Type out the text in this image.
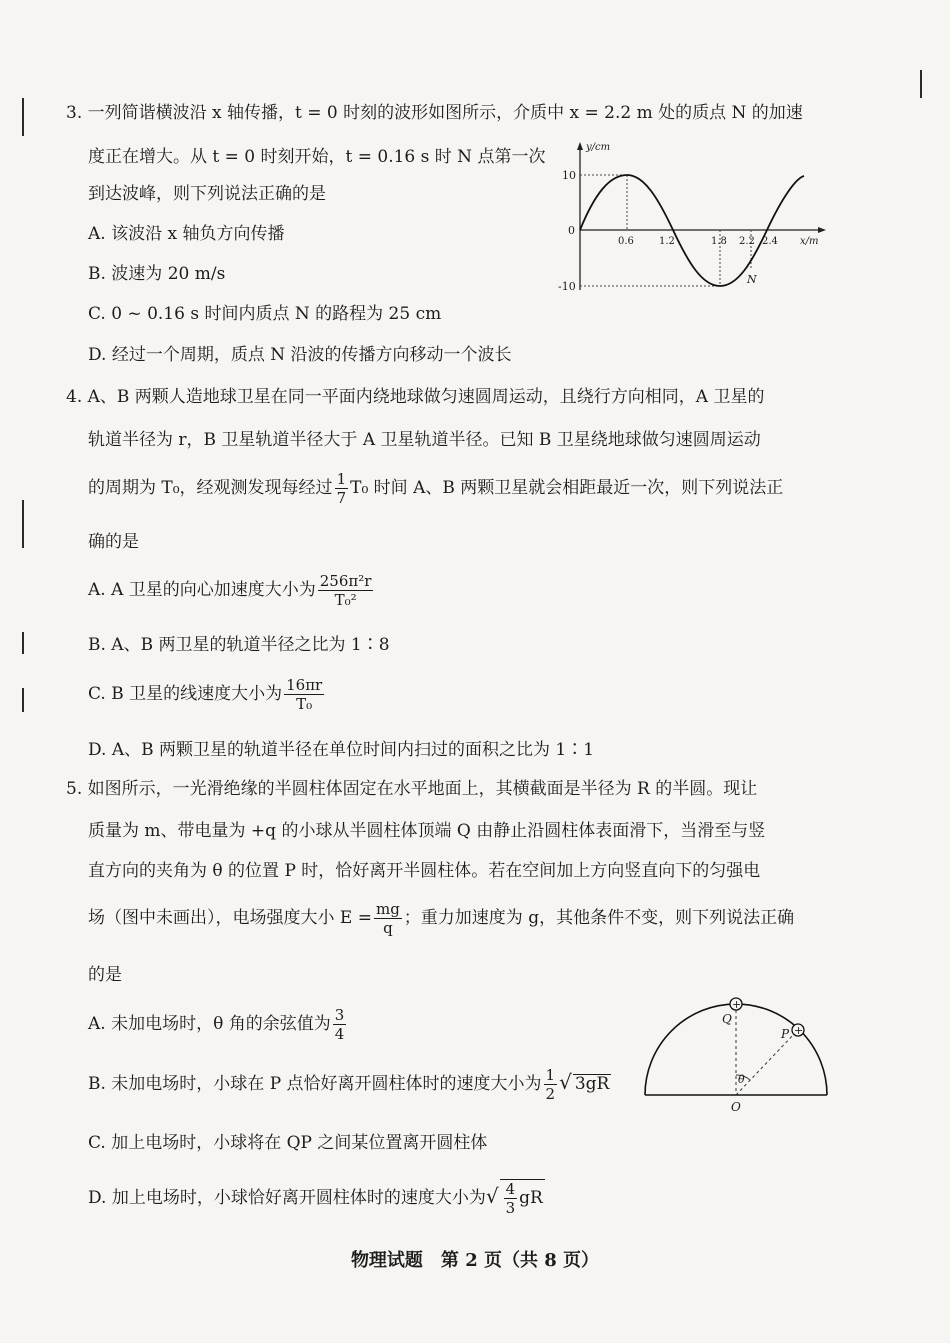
3. 一列简谐横波沿 x 轴传播，t = 0 时刻的波形如图所示，介质中 x = 2.2 m 处的质点 N 的加速
度正在增大。从 t = 0 时刻开始，t = 0.16 s 时 N 点第一次
到达波峰，则下列说法正确的是
A. 该波沿 x 轴负方向传播
B. 波速为 20 m/s
C. 0 ~ 0.16 s 时间内质点 N 的路程为 25 cm
D. 经过一个周期，质点 N 沿波的传播方向移动一个波长
y/cm
x/m
10
0
-10
0.6	1.2	1.8 2.2 2.4
N
4. A、B 两颗人造地球卫星在同一平面内绕地球做匀速圆周运动，且绕行方向相同，A 卫星的
轨道半径为 r，B 卫星轨道半径大于 A 卫星轨道半径。已知 B 卫星绕地球做匀速圆周运动
的周期为 T₀，经观测发现每经过 $\frac{1}{7} T_0$ 时间 A、B 两颗卫星就会相距最近一次，则下列说法正
确的是
A. A 卫星的向心加速度大小为 $\frac{\text{256π²r}}{\text{T₀²}}$
B. A、B 两卫星的轨道半径之比为 1∶8
C. B 卫星的线速度大小为 $\frac{16\pi r}{\text{T₀}}$
D. A、B 两颗卫星的轨道半径在单位时间内扫过的面积之比为 1∶1
5. 如图所示，一光滑绝缘的半圆柱体固定在水平地面上，其横截面是半径为 R 的半圆。现让
质量为 m、带电量为 +q 的小球从半圆柱体顶端 Q 由静止沿圆柱体表面滑下，当滑至与竖
直方向的夹角为 θ 的位置 P 时，恰好离开半圆柱体。若在空间加上方向竖直向下的匀强电
场（图中未画出），电场强度大小 $E = \frac{mg}{q}$ ；重力加速度为 g，其他条件不变，则下列说法正确
的是
A. 未加电场时，θ 角的余弦值为 $\frac{3}{4}$
B. 未加电场时，小球在 P 点恰好离开圆柱体时的速度大小为 $\frac{1}{2}$ √ 3gR
C. 加上电场时，小球将在 QP 之间某位置离开圆柱体
D. 加上电场时，小球恰好离开圆柱体时的速度大小为√ $\frac{4}{3}$ gR
θ
+
+
Q
P
O
物理试题　第 2 页（共 8 页）
